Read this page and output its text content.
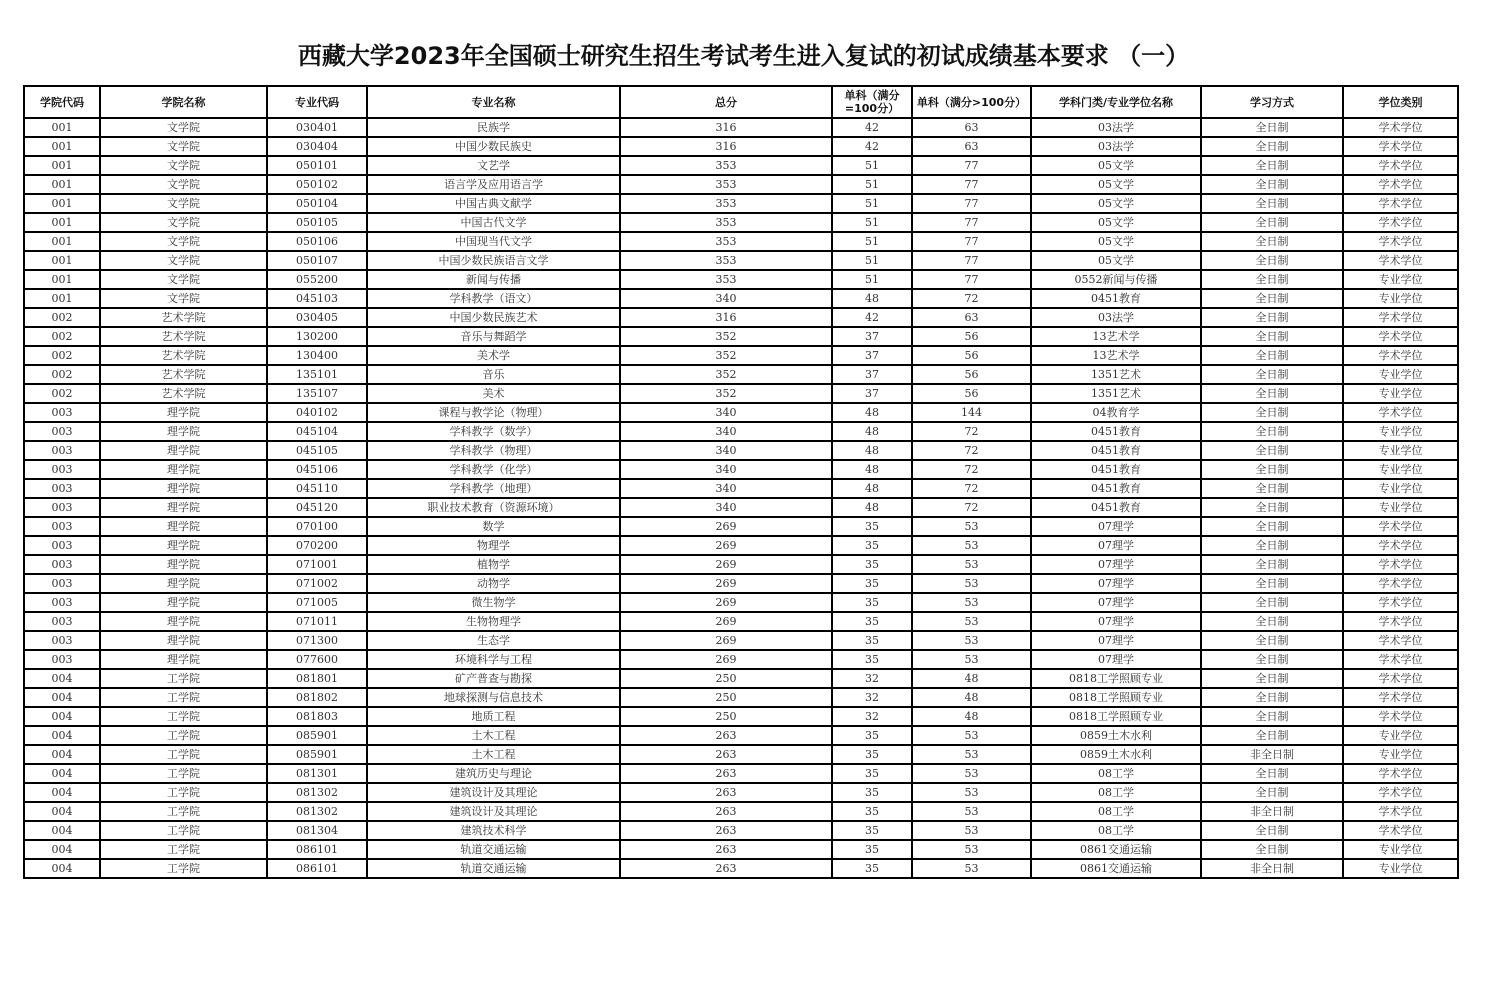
西藏大学2023年全国硕士研究生招生考试考生进入复试的初试成绩基本要求 （一）
学院代码	学院名称	专业代码	专业名称	总分	单科（满分=100分）	单科（满分>100分）	学科门类/专业学位名称	学习方式	学位类别
001	文学院	030401	民族学	316	42	63	03法学	全日制	学术学位
001	文学院	030404	中国少数民族史	316	42	63	03法学	全日制	学术学位
001	文学院	050101	文艺学	353	51	77	05文学	全日制	学术学位
001	文学院	050102	语言学及应用语言学	353	51	77	05文学	全日制	学术学位
001	文学院	050104	中国古典文献学	353	51	77	05文学	全日制	学术学位
001	文学院	050105	中国古代文学	353	51	77	05文学	全日制	学术学位
001	文学院	050106	中国现当代文学	353	51	77	05文学	全日制	学术学位
001	文学院	050107	中国少数民族语言文学	353	51	77	05文学	全日制	学术学位
001	文学院	055200	新闻与传播	353	51	77	0552新闻与传播	全日制	专业学位
001	文学院	045103	学科教学（语文）	340	48	72	0451教育	全日制	专业学位
002	艺术学院	030405	中国少数民族艺术	316	42	63	03法学	全日制	学术学位
002	艺术学院	130200	音乐与舞蹈学	352	37	56	13艺术学	全日制	学术学位
002	艺术学院	130400	美术学	352	37	56	13艺术学	全日制	学术学位
002	艺术学院	135101	音乐	352	37	56	1351艺术	全日制	专业学位
002	艺术学院	135107	美术	352	37	56	1351艺术	全日制	专业学位
003	理学院	040102	课程与教学论（物理）	340	48	144	04教育学	全日制	学术学位
003	理学院	045104	学科教学（数学）	340	48	72	0451教育	全日制	专业学位
003	理学院	045105	学科教学（物理）	340	48	72	0451教育	全日制	专业学位
003	理学院	045106	学科教学（化学）	340	48	72	0451教育	全日制	专业学位
003	理学院	045110	学科教学（地理）	340	48	72	0451教育	全日制	专业学位
003	理学院	045120	职业技术教育（资源环境）	340	48	72	0451教育	全日制	专业学位
003	理学院	070100	数学	269	35	53	07理学	全日制	学术学位
003	理学院	070200	物理学	269	35	53	07理学	全日制	学术学位
003	理学院	071001	植物学	269	35	53	07理学	全日制	学术学位
003	理学院	071002	动物学	269	35	53	07理学	全日制	学术学位
003	理学院	071005	微生物学	269	35	53	07理学	全日制	学术学位
003	理学院	071011	生物物理学	269	35	53	07理学	全日制	学术学位
003	理学院	071300	生态学	269	35	53	07理学	全日制	学术学位
003	理学院	077600	环境科学与工程	269	35	53	07理学	全日制	学术学位
004	工学院	081801	矿产普查与勘探	250	32	48	0818工学照顾专业	全日制	学术学位
004	工学院	081802	地球探测与信息技术	250	32	48	0818工学照顾专业	全日制	学术学位
004	工学院	081803	地质工程	250	32	48	0818工学照顾专业	全日制	学术学位
004	工学院	085901	土木工程	263	35	53	0859土木水利	全日制	专业学位
004	工学院	085901	土木工程	263	35	53	0859土木水利	非全日制	专业学位
004	工学院	081301	建筑历史与理论	263	35	53	08工学	全日制	学术学位
004	工学院	081302	建筑设计及其理论	263	35	53	08工学	全日制	学术学位
004	工学院	081302	建筑设计及其理论	263	35	53	08工学	非全日制	学术学位
004	工学院	081304	建筑技术科学	263	35	53	08工学	全日制	学术学位
004	工学院	086101	轨道交通运输	263	35	53	0861交通运输	全日制	专业学位
004	工学院	086101	轨道交通运输	263	35	53	0861交通运输	非全日制	专业学位
